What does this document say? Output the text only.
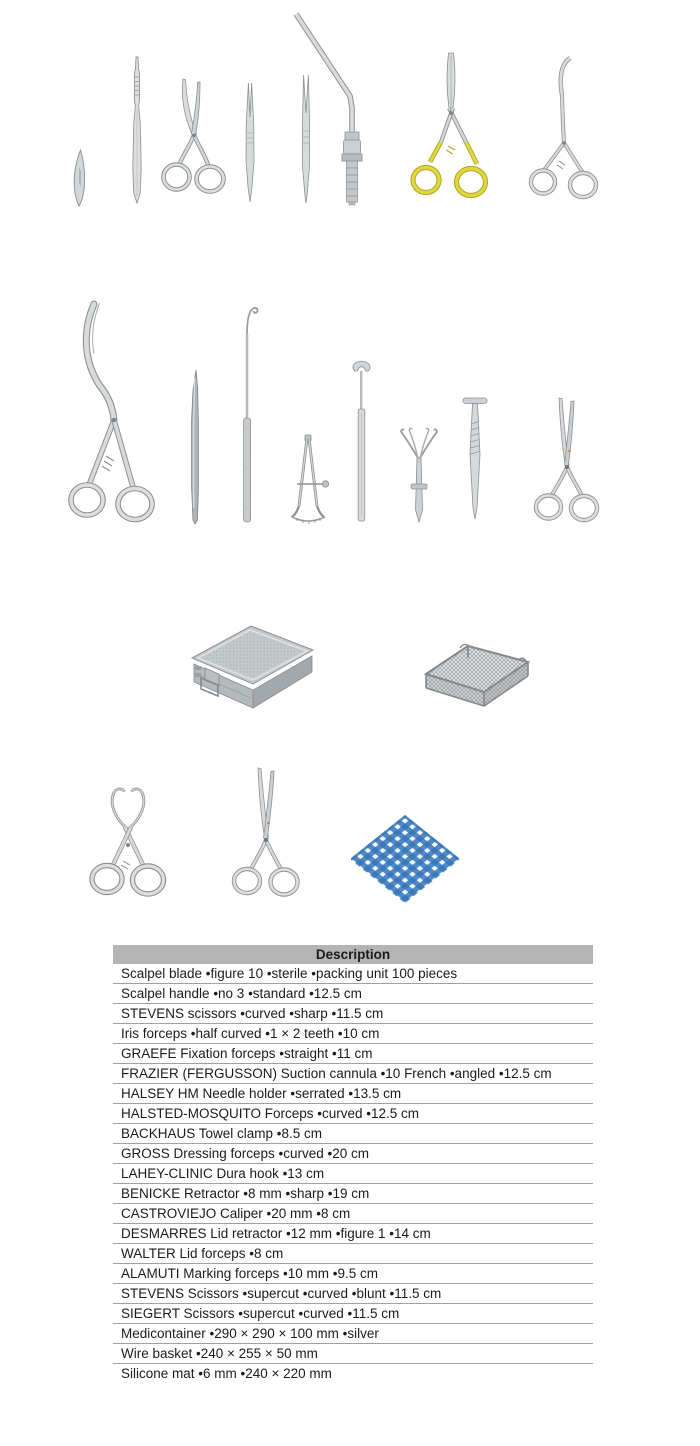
Description
Scalpel blade •figure 10 •sterile •packing unit 100 pieces
Scalpel handle •no 3 •standard •12.5 cm
STEVENS scissors •curved •sharp •11.5 cm
Iris forceps •half curved •1 × 2 teeth •10 cm
GRAEFE Fixation forceps •straight •11 cm
FRAZIER (FERGUSSON) Suction cannula •10 French •angled •12.5 cm
HALSEY HM Needle holder •serrated •13.5 cm
HALSTED-MOSQUITO Forceps •curved •12.5 cm
BACKHAUS Towel clamp •8.5 cm
GROSS Dressing forceps •curved •20 cm
LAHEY-CLINIC Dura hook •13 cm
BENICKE Retractor •8 mm •sharp •19 cm
CASTROVIEJO Caliper •20 mm •8 cm
DESMARRES Lid retractor •12 mm •figure 1 •14 cm
WALTER Lid forceps •8 cm
ALAMUTI Marking forceps •10 mm •9.5 cm
STEVENS Scissors •supercut •curved •blunt •11.5 cm
SIEGERT Scissors •supercut •curved •11.5 cm
Medicontainer •290 × 290 × 100 mm •silver
Wire basket •240 × 255 × 50 mm
Silicone mat •6 mm •240 × 220 mm
